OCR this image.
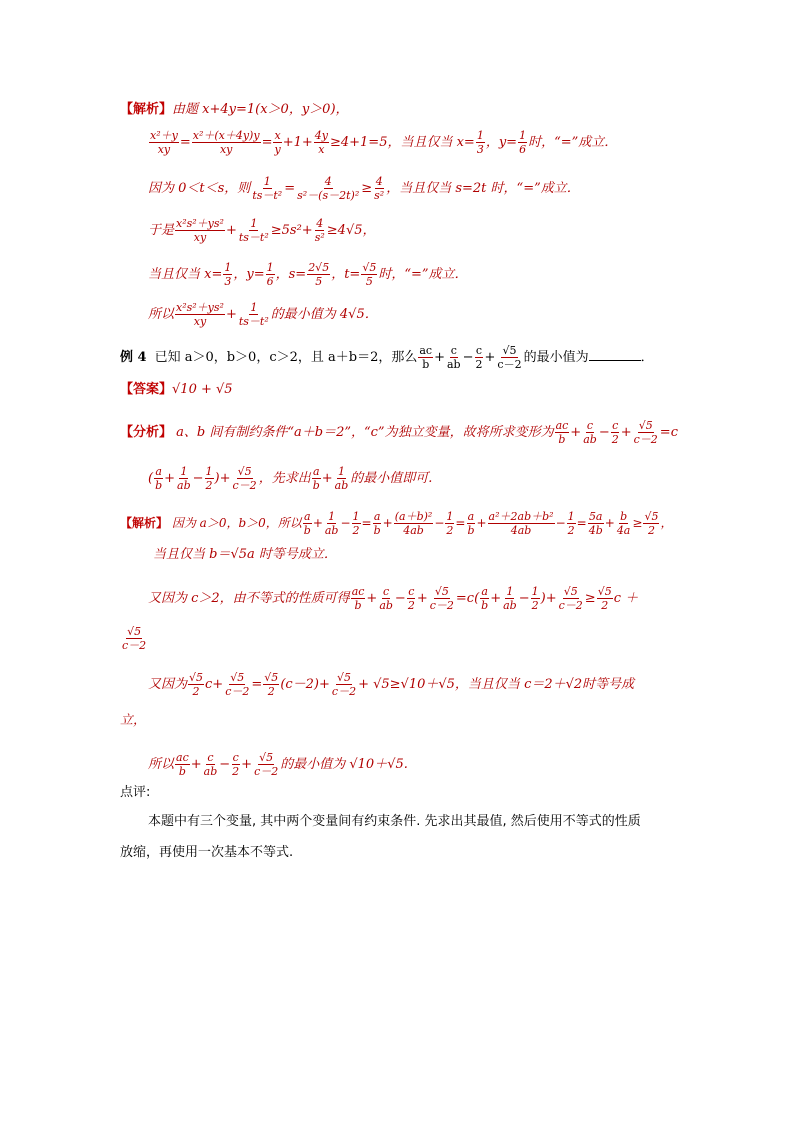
【解析】由题 x+4y=1(x＞0，y＞0)，
$\frac{\text{x²＋y}}{xy} = \frac{\text{x²＋(x＋4y)y}}{xy} = \frac{x}{y} +1+ \frac{4y}{x} \ge 4+1=5$，当且仅当 $x= \frac{1}{3}$ ，$y= \frac{1}{6}$ 时，“=”成立．
因为 0＜t＜s，则 $\frac{1}{\text{ts－t²}} = \frac{4}{\text{s²－(s－2t)²}} \ge \frac{4}{\text{s²}}$ ，当且仅当 s=2t 时，“=”成立．
于是 $\frac{\text{x²s²＋ys²}}{xy} + \frac{1}{\text{ts－t²}} \ge 5s^2+ \frac{4}{\text{s²}} \ge 4√5$，
当且仅当 $x= \frac{1}{3}$ ，$y= \frac{1}{6}$ ，$s= \frac{2√5}{5}$ ，$t= \frac{√5}{5}$ 时，“=”成立．
所以 $\frac{\text{x²s²＋ys²}}{xy} + \frac{1}{\text{ts－t²}}$ 的最小值为 4√5．
例 4 已知 a＞0，b＞0，c＞2，且 a＋b＝2，那么 $\frac{ac}{b} + \frac{c}{ab} - \frac{c}{2} + \frac{√5}{c-2}$ 的最小值为	．
【答案】√10 + √5
【分析】 a、b 间有制约条件“a＋b＝2”，“c”为独立变量，故将所求变形为 $\frac{ac}{b} + \frac{c}{ab} - \frac{c}{2} + \frac{√5}{c-2} =c$
( $\frac{a}{b} + \frac{1}{ab} - \frac{1}{2}$ )+ $\frac{√5}{c-2}$ ，先求出 $\frac{a}{b} + \frac{1}{ab}$ 的最小值即可.
【解析】 因为 a＞0，b＞0，所以 $\frac{a}{b} + \frac{1}{ab} - \frac{1}{2} = \frac{a}{b} + \frac{\text{(a＋b)²}}{4ab} - \frac{1}{2} = \frac{a}{b} + \frac{\text{a²＋2ab＋b²}}{4ab} - \frac{1}{2} = \frac{5a}{4b} + \frac{b}{4a} \ge \frac{√5}{2}$ ，
当且仅当 b＝√5a 时等号成立．
又因为 c＞2，由不等式的性质可得 $\frac{ac}{b} + \frac{c}{ab} - \frac{c}{2} + \frac{√5}{c-2} =c( \frac{a}{b} + \frac{1}{ab} - \frac{1}{2}$ )+ $\frac{√5}{c-2} \ge \frac{√5}{2}$ c ＋
$\frac{√5}{c-2}$
又因为 $\frac{√5}{2} c+ \frac{√5}{c-2} = \frac{√5}{2} (c-2)+ \frac{√5}{c-2} + √5\ge√10+√5$，当且仅当 c＝2＋√2时等号成
立，
所以 $\frac{ac}{b} + \frac{c}{ab} - \frac{c}{2} + \frac{√5}{c-2}$ 的最小值为 √10＋√5.
点评:
本题中有三个变量, 其中两个变量间有约束条件. 先求出其最值, 然后使用不等式的性质
放缩，再使用一次基本不等式.
